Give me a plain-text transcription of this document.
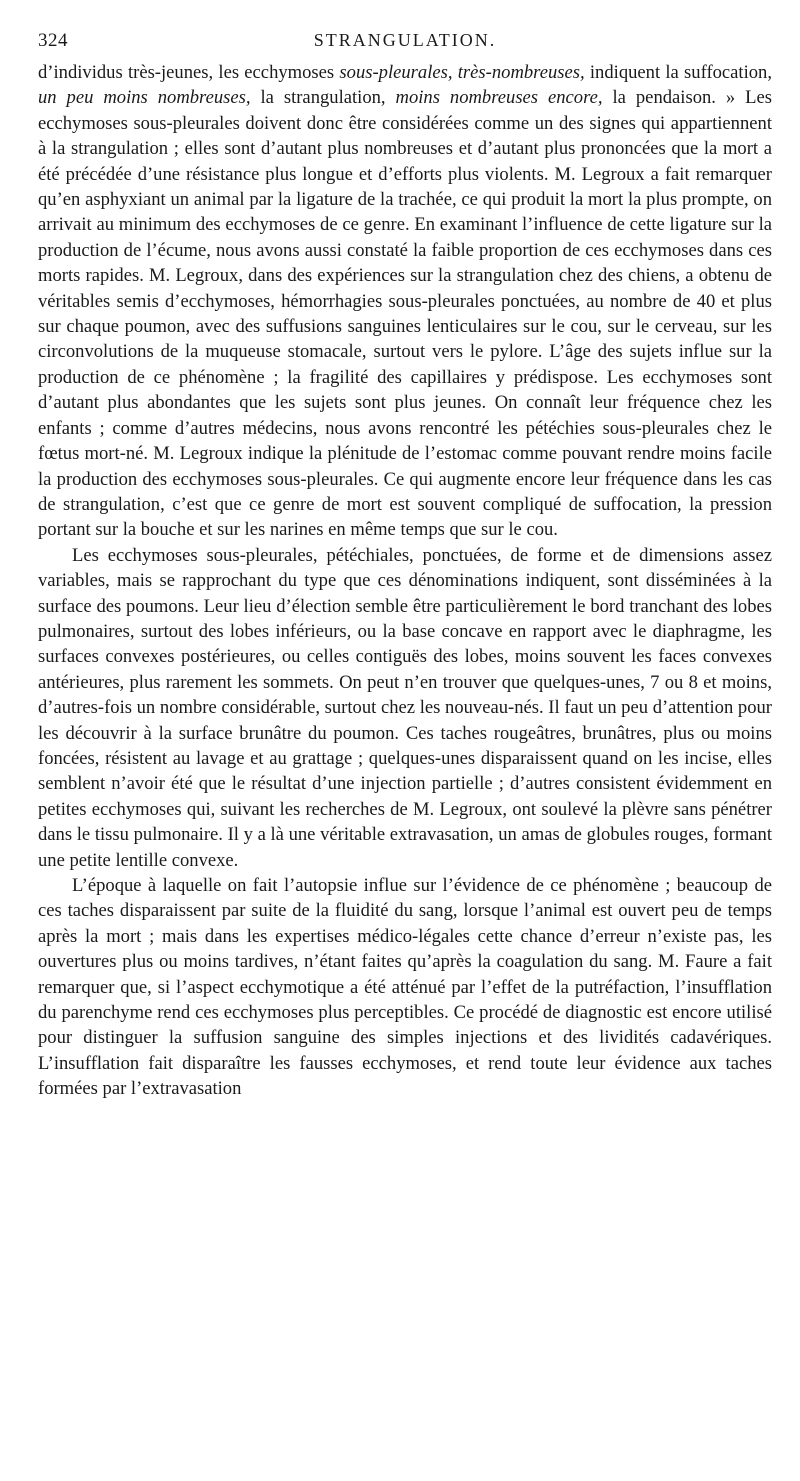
324	STRANGULATION.

d’individus très-jeunes, les ecchymoses sous-pleurales, très-nombreuses, indiquent la suffocation, un peu moins nombreuses, la strangulation, moins nombreuses encore, la pendaison. » Les ecchymoses sous-pleurales doivent donc être considérées comme un des signes qui appartiennent à la strangulation ; elles sont d’autant plus nombreuses et d’autant plus prononcées que la mort a été précédée d’une résistance plus longue et d’efforts plus violents. M. Legroux a fait remarquer qu’en asphyxiant un animal par la ligature de la trachée, ce qui produit la mort la plus prompte, on arrivait au minimum des ecchymoses de ce genre. En examinant l’influence de cette ligature sur la production de l’écume, nous avons aussi constaté la faible proportion de ces ecchymoses dans ces morts rapides. M. Legroux, dans des expériences sur la strangulation chez des chiens, a obtenu de véritables semis d’ecchymoses, hémorrhagies sous-pleurales ponctuées, au nombre de 40 et plus sur chaque poumon, avec des suffusions sanguines lenticulaires sur le cou, sur le cerveau, sur les circonvolutions de la muqueuse stomacale, surtout vers le pylore. L’âge des sujets influe sur la production de ce phénomène ; la fragilité des capillaires y prédispose. Les ecchymoses sont d’autant plus abondantes que les sujets sont plus jeunes. On connaît leur fréquence chez les enfants ; comme d’autres médecins, nous avons rencontré les pétéchies sous-pleurales chez le fœtus mort-né. M. Legroux indique la plénitude de l’estomac comme pouvant rendre moins facile la production des ecchymoses sous-pleurales. Ce qui augmente encore leur fréquence dans les cas de strangulation, c’est que ce genre de mort est souvent compliqué de suffocation, la pression portant sur la bouche et sur les narines en même temps que sur le cou.

Les ecchymoses sous-pleurales, pétéchiales, ponctuées, de forme et de dimensions assez variables, mais se rapprochant du type que ces dénominations indiquent, sont disséminées à la surface des poumons. Leur lieu d’élection semble être particulièrement le bord tranchant des lobes pulmonaires, surtout des lobes inférieurs, ou la base concave en rapport avec le diaphragme, les surfaces convexes postérieures, ou celles contiguës des lobes, moins souvent les faces convexes antérieures, plus rarement les sommets. On peut n’en trouver que quelques-unes, 7 ou 8 et moins, d’autres-fois un nombre considérable, surtout chez les nouveau-nés. Il faut un peu d’attention pour les découvrir à la surface brunâtre du poumon. Ces taches rougeâtres, brunâtres, plus ou moins foncées, résistent au lavage et au grattage ; quelques-unes disparaissent quand on les incise, elles semblent n’avoir été que le résultat d’une injection partielle ; d’autres consistent évidemment en petites ecchymoses qui, suivant les recherches de M. Legroux, ont soulevé la plèvre sans pénétrer dans le tissu pulmonaire. Il y a là une véritable extravasation, un amas de globules rouges, formant une petite lentille convexe.

L’époque à laquelle on fait l’autopsie influe sur l’évidence de ce phénomène ; beaucoup de ces taches disparaissent par suite de la fluidité du sang, lorsque l’animal est ouvert peu de temps après la mort ; mais dans les expertises médico-légales cette chance d’erreur n’existe pas, les ouvertures plus ou moins tardives, n’étant faites qu’après la coagulation du sang. M. Faure a fait remarquer que, si l’aspect ecchymotique a été atténué par l’effet de la putréfaction, l’insufflation du parenchyme rend ces ecchymoses plus perceptibles. Ce procédé de diagnostic est encore utilisé pour distinguer la suffusion sanguine des simples injections et des lividités cadavériques. L’insufflation fait disparaître les fausses ecchymoses, et rend toute leur évidence aux taches formées par l’extravasation
